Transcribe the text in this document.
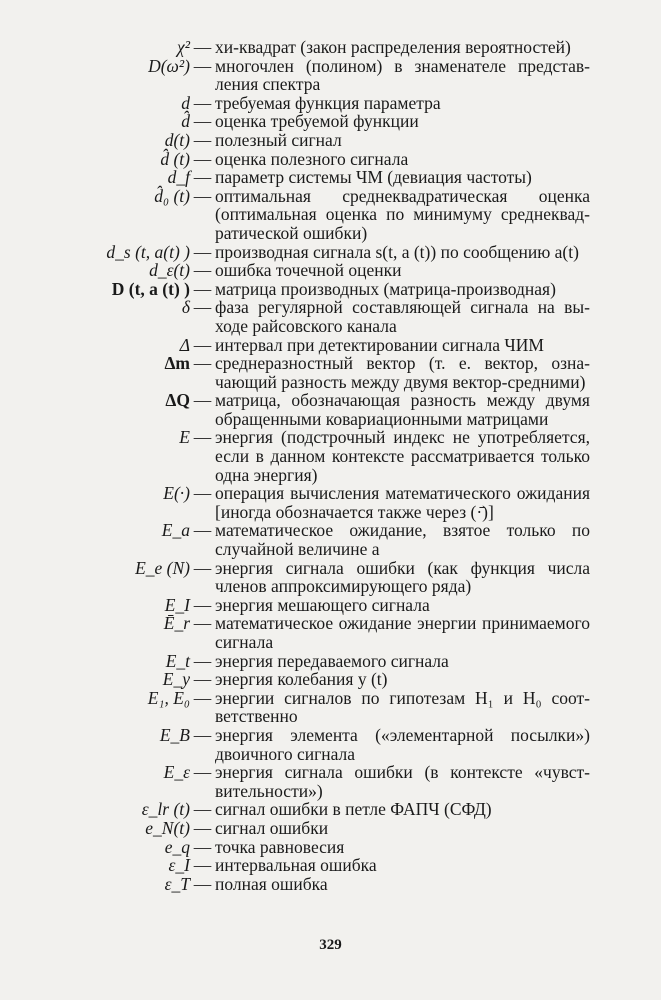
χ² — хи-квадрат (закон распределения вероятностей)
D(ω²) — многочлен (полином) в знаменателе представления спектра
d — требуемая функция параметра
d̂ — оценка требуемой функции
d(t) — полезный сигнал
d̂ (t) — оценка полезного сигнала
d_f — параметр системы ЧМ (девиация частоты)
d̂₀ (t) — оптимальная среднеквадратическая оценка (оптимальная оценка по минимуму среднеквадратической ошибки)
d_s (t, a(t) ) — производная сигнала s(t, a (t)) по сообщению a(t)
d_ε(t) — ошибка точечной оценки
D (t, a (t) ) — матрица производных (матрица-производная)
δ — фаза регулярной составляющей сигнала на выходе райсовского канала
Δ — интервал при детектировании сигнала ЧИМ
Δm — среднеразностный вектор (т. е. вектор, означающий разность между двумя вектор-средними)
ΔQ — матрица, обозначающая разность между двумя обращенными ковариационными матрицами
E — энергия (подстрочный индекс не употребляется, если в данном контексте рассматривается только одна энергия)
E(·) — операция вычисления математического ожидания [иногда обозначается также через (·̄)]
E_a — математическое ожидание, взятое только по случайной величине a
E_e (N) — энергия сигнала ошибки (как функция числа членов аппроксимирующего ряда)
E_I — энергия мешающего сигнала
Ē_r — математическое ожидание энергии принимаемого сигнала
E_t — энергия передаваемого сигнала
E_y — энергия колебания y (t)
E₁, E₀ — энергии сигналов по гипотезам H₁ и H₀ соответственно
E_B — энергия элемента («элементарной посылки») двоичного сигнала
E_ε — энергия сигнала ошибки (в контексте «чувствительности»)
ε_lr (t) — сигнал ошибки в петле ФАПЧ (СФД)
e_N(t) — сигнал ошибки
e_q — точка равновесия
ε_I — интервальная ошибка
ε_T — полная ошибка
329
